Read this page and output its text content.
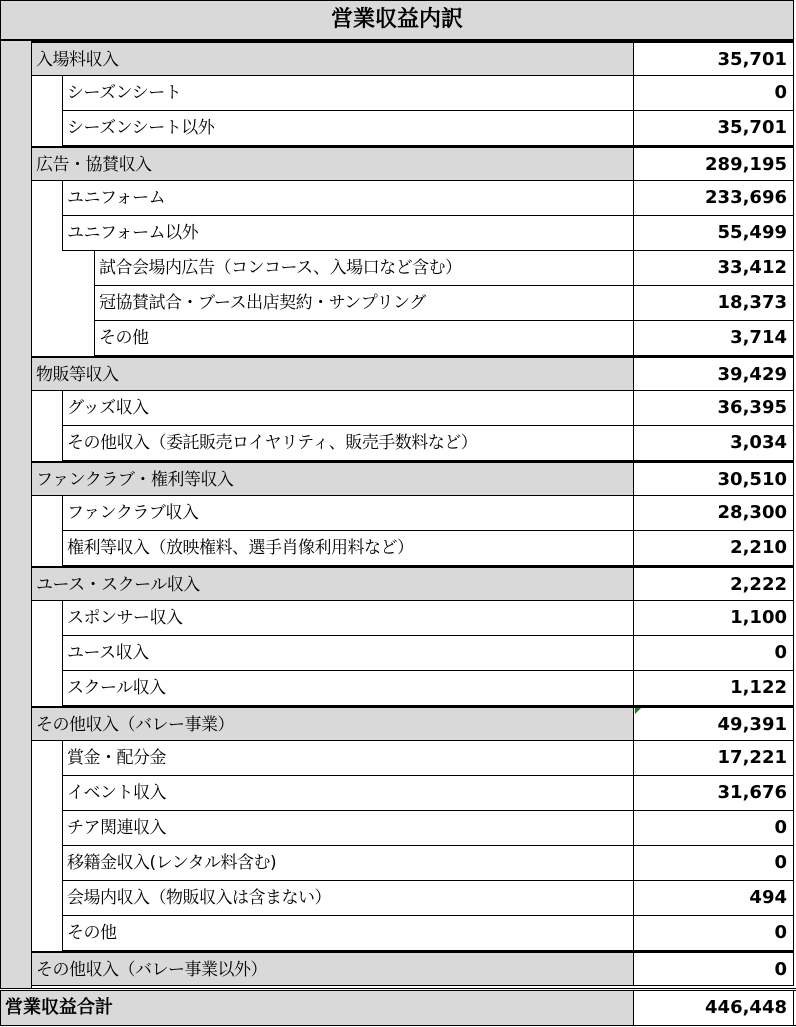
営業収益内訳
入場料収入	35,701
シーズンシート	0
シーズンシート以外	35,701
広告・協賛収入	289,195
ユニフォーム	233,696
ユニフォーム以外	55,499
試合会場内広告（コンコース、入場口など含む）	33,412
冠協賛試合・ブース出店契約・サンプリング	18,373
その他	3,714
物販等収入	39,429
グッズ収入	36,395
その他収入（委託販売ロイヤリティ、販売手数料など）	3,034
ファンクラブ・権利等収入	30,510
ファンクラブ収入	28,300
権利等収入（放映権料、選手肖像利用料など）	2,210
ユース・スクール収入	2,222
スポンサー収入	1,100
ユース収入	0
スクール収入	1,122
その他収入（バレー事業）	49,391
賞金・配分金	17,221
イベント収入	31,676
チア関連収入	0
移籍金収入(レンタル料含む)	0
会場内収入（物販収入は含まない）	494
その他	0
その他収入（バレー事業以外）	0
営業収益合計	446,448
